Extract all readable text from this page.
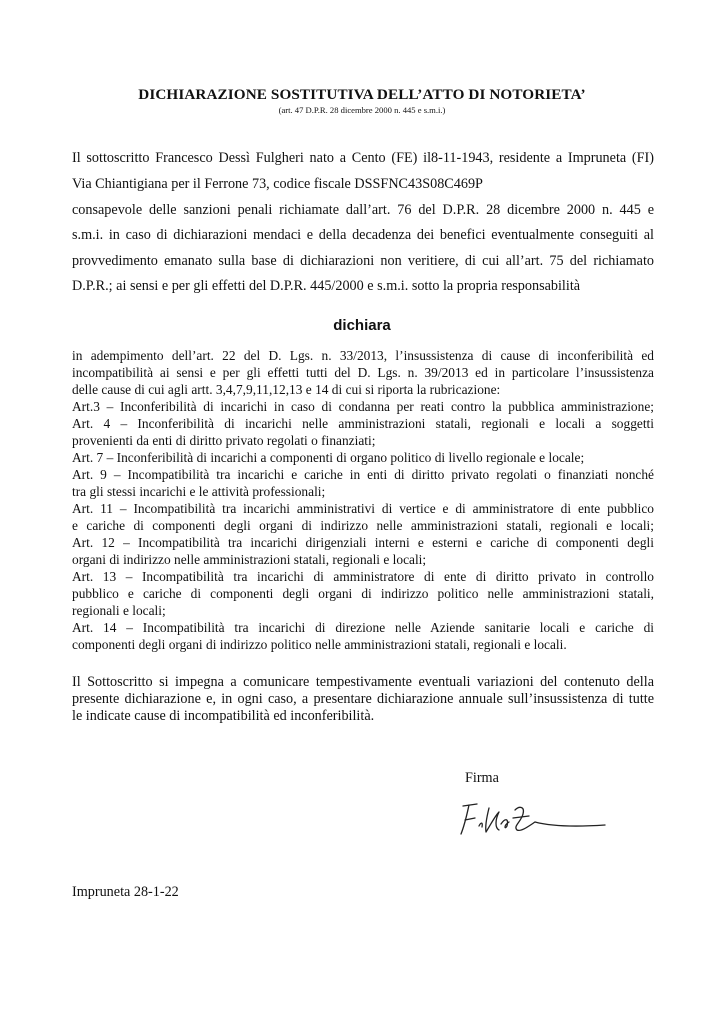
DICHIARAZIONE SOSTITUTIVA DELL’ATTO DI NOTORIETA’
(art. 47 D.P.R. 28 dicembre 2000 n. 445 e s.m.i.)
Il sottoscritto Francesco Dessì Fulgheri nato a Cento (FE) il8-11-1943, residente a Impruneta (FI)
Via Chiantigiana per il Ferrone 73, codice fiscale DSSFNC43S08C469P
consapevole delle sanzioni penali richiamate dall’art. 76 del D.P.R. 28 dicembre 2000 n. 445 e
s.m.i. in caso di dichiarazioni mendaci e della decadenza dei benefici eventualmente conseguiti al
provvedimento emanato sulla base di dichiarazioni non veritiere, di cui all’art. 75 del richiamato
D.P.R.; ai sensi e per gli effetti del D.P.R. 445/2000 e s.m.i. sotto la propria responsabilità
dichiara
in adempimento dell’art. 22 del D. Lgs. n. 33/2013, l’insussistenza di cause di inconferibilità ed
incompatibilità ai sensi e per gli effetti tutti del D. Lgs. n. 39/2013 ed in particolare l’insussistenza
delle cause di cui agli artt. 3,4,7,9,11,12,13 e 14 di cui si riporta la rubricazione:
Art.3 – Inconferibilità di incarichi in caso di condanna per reati contro la pubblica amministrazione;
Art. 4 – Inconferibilità di incarichi nelle amministrazioni statali, regionali e locali a soggetti
provenienti da enti di diritto privato regolati o finanziati;
Art. 7 – Inconferibilità di incarichi a componenti di organo politico di livello regionale e locale;
Art. 9 – Incompatibilità tra incarichi e cariche in enti di diritto privato regolati o finanziati nonché
tra gli stessi incarichi e le attività professionali;
Art. 11 – Incompatibilità tra incarichi amministrativi di vertice e di amministratore di ente pubblico
e cariche di componenti degli organi di indirizzo nelle amministrazioni statali, regionali e locali;
Art. 12 – Incompatibilità tra incarichi dirigenziali interni e esterni e cariche di componenti degli
organi di indirizzo nelle amministrazioni statali, regionali e locali;
Art. 13 – Incompatibilità tra incarichi di amministratore di ente di diritto privato in controllo
pubblico e cariche di componenti degli organi di indirizzo politico nelle amministrazioni statali,
regionali e locali;
Art. 14 – Incompatibilità tra incarichi di direzione nelle Aziende sanitarie locali e cariche di
componenti degli organi di indirizzo politico nelle amministrazioni statali, regionali e locali.
Il Sottoscritto si impegna a comunicare tempestivamente eventuali variazioni del contenuto della
presente dichiarazione e, in ogni caso, a presentare dichiarazione annuale sull’insussistenza di tutte
le indicate cause di incompatibilità ed inconferibilità.
Firma
Impruneta 28-1-22
